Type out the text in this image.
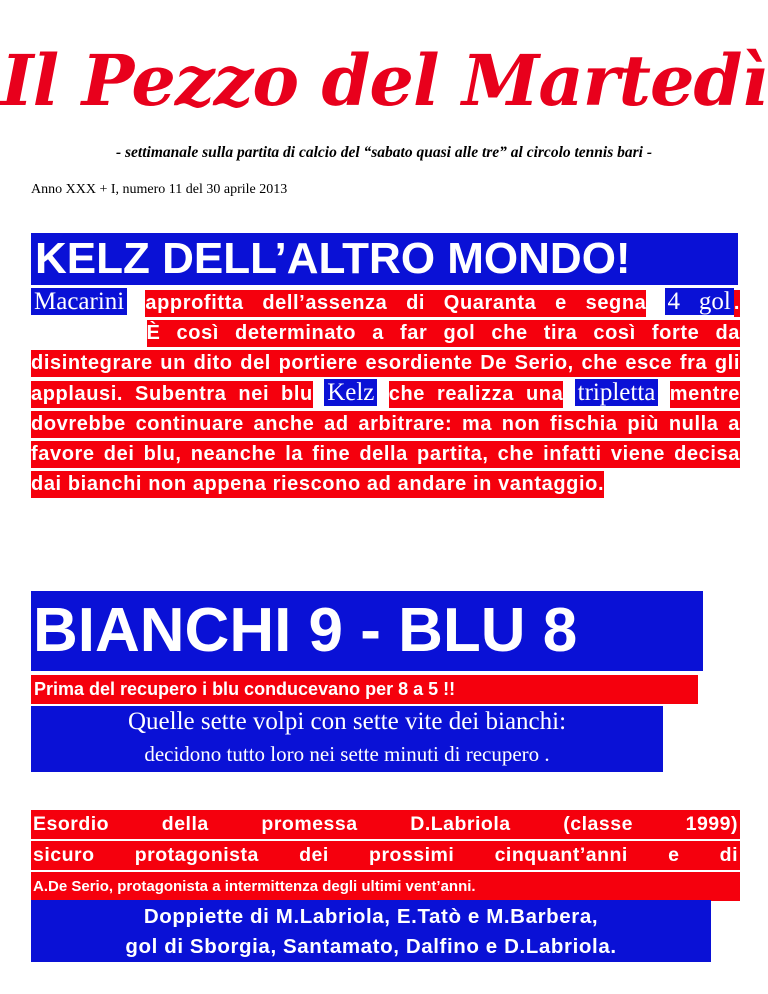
Il Pezzo del Martedì
- settimanale sulla partita di calcio del “sabato quasi alle tre” al circolo tennis bari -
Anno XXX + I, numero 11 del 30 aprile 2013
KELZ DELL’ALTRO MONDO!

Macarini approfitta dell’assenza di Quaranta e segna 4 gol .  È così determinato a far gol che tira così forte da disintegrare un dito del portiere esordiente De Serio, che esce fra gli applausi. Subentra nei blu Kelz che realizza una tripletta mentre dovrebbe continuare anche ad arbitrare: ma non fischia più nulla a favore dei blu, neanche la fine della partita, che infatti viene decisa dai bianchi non appena riescono ad andare in vantaggio.

BIANCHI 9 - BLU 8
Prima del recupero i blu conducevano per 8 a 5 !!
Quelle sette volpi con sette vite dei bianchi:
decidono tutto loro nei sette minuti di recupero .
Esordio della promessa D.Labriola (classe 1999)
sicuro protagonista dei prossimi cinquant’anni e di
A.De Serio, protagonista a intermittenza degli ultimi vent’anni.
Doppiette di M.Labriola, E.Tatò e M.Barbera,
gol di Sborgia, Santamato, Dalfino e D.Labriola.
